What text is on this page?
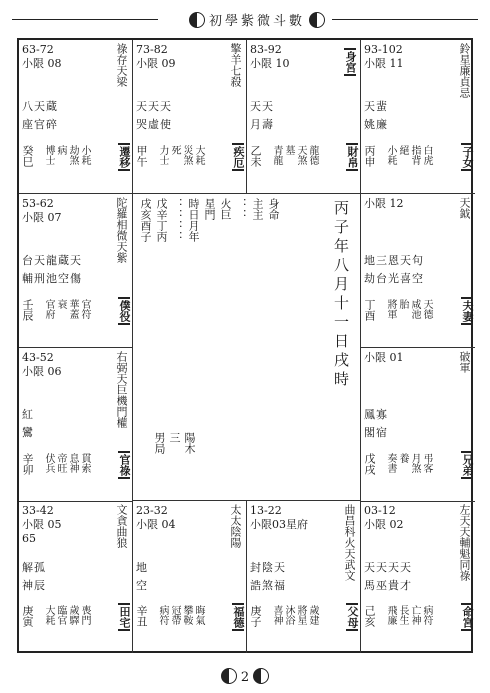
初學紫微斗數
身命
主主
：：
火巨
星門
時日月年
：：：：
戊辛丁丙
戌亥酉子	丙子年八月十一日戌時
陽木
三
男局
63-72
小限 08	祿存天梁
八天蔵
座官碎
癸巳 博士 病 劫煞 小耗	遷移
73-82
小限 09	擎羊七殺
天天天
哭虛使
甲午 力士 死 災煞 大耗	疾厄
83-92
小限 10	身宮
天天
月壽
乙未 青龍 墓 天煞 龍德	財帛
93-102
小限 11	鈴星廉貞忌
天蜚
姚廉
丙申 小耗 絕 指背 白虎	子女
53-62
小限 07	陀羅相微天紫
台天龍蔵天
輔刑池空傷
壬辰 官府 衰 華蓋 官符	僕役
小限 12	天鉞
地三恩天句
劫台光喜空
丁酉 將軍 胎 咸池 天德	夫妻
43-52
小限 06	右弼天巨機門權
紅
鸞
辛卯 伏兵 帝旺 息神 貫索	官祿
小限 01	破軍
鳳寡
閣宿
戊戌 奏書 養 月煞 弔客	兄弟
33-42
小限 05
65	文貪曲狼
解孤
神辰
庚寅 大耗 臨官 歲驛 喪門	田宅
23-32
小限 04	太太陰陽
地
空
辛丑 病符 冠帶 攀鞍 晦氣	福德
13-22
小限03星府	曲昌科火天武文
封陰天
誥煞福
庚子 喜神 沐浴 將星 歲建	父母
03-12
小限 02	左天天輔魁同祿
天天天天
馬巫貴才
己亥 飛廉 長生 亡神 病符	命宮
2
